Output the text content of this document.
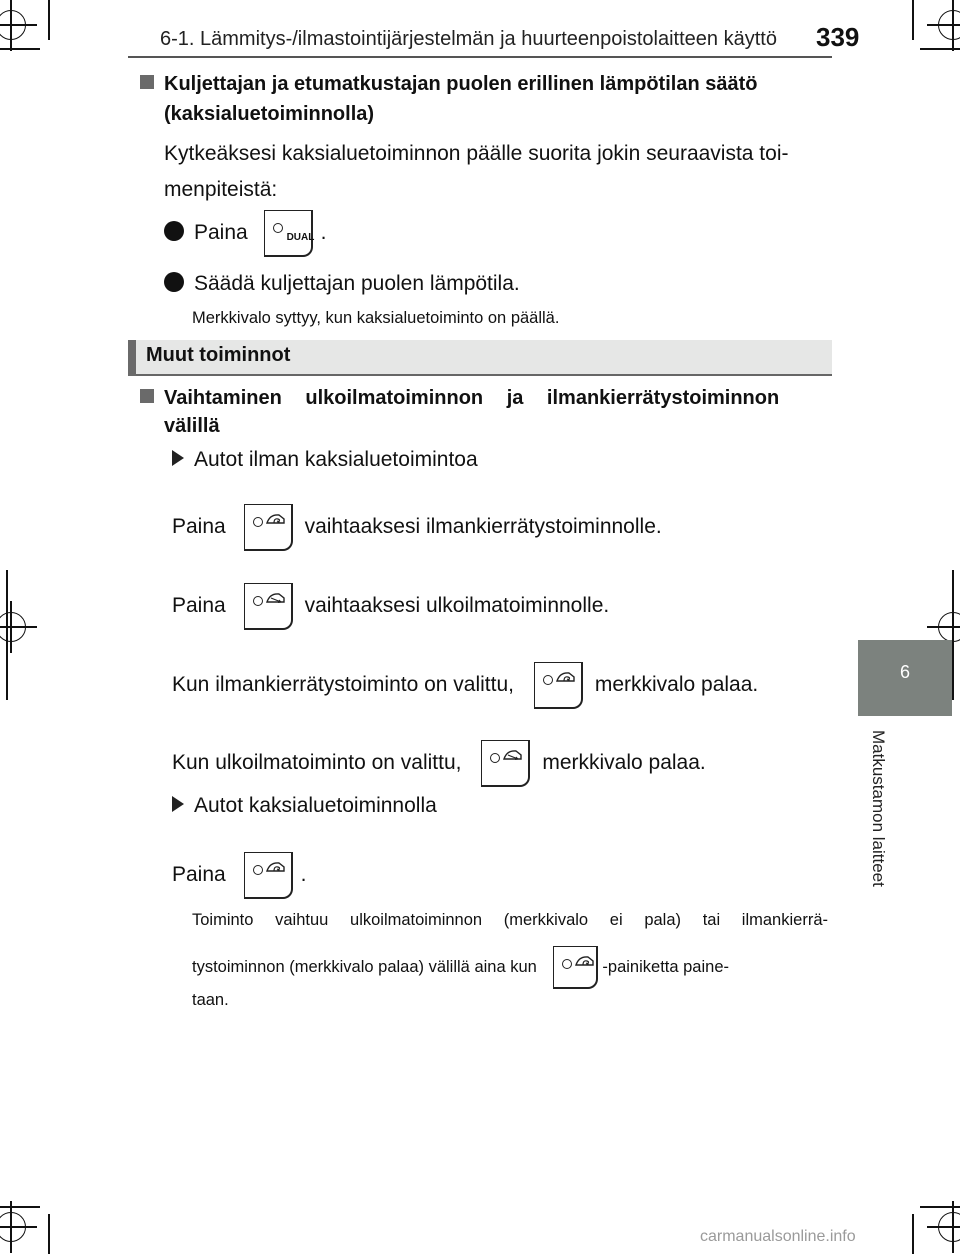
6-1. Lämmitys-/ilmastointijärjestelmän ja huurteenpoistolaitteen käyttö 339
6
Matkustamon laitteet
Kuljettajan ja etumatkustajan puolen erillinen lämpötilan säätö
(kaksialuetoiminnolla)
Kytkeäksesi kaksialuetoiminnon päälle suorita jokin seuraavista toi-
menpiteistä:
Paina	DUAL .
Säädä kuljettajan puolen lämpötila.
Merkkivalo syttyy, kun kaksialuetoiminto on päällä.
Muut toiminnot
Vaihtaminen ulkoilmatoiminnon ja ilmankierrätystoiminnon
välillä
Autot ilman kaksialuetoimintoa
Paina	vaihtaaksesi ilmankierrätystoiminnolle.
Paina	vaihtaaksesi ulkoilmatoiminnolle.
Kun ilmankierrätystoiminto on valittu,	merkkivalo palaa.
Kun ulkoilmatoiminto on valittu,	merkkivalo palaa.
Autot kaksialuetoiminnolla
Paina	.
Toiminto vaihtuu ulkoilmatoiminnon (merkkivalo ei pala) tai ilmankierrä-
tystoiminnon (merkkivalo palaa) välillä aina kun	-painiketta paine-
taan.
carmanualsonline.info
